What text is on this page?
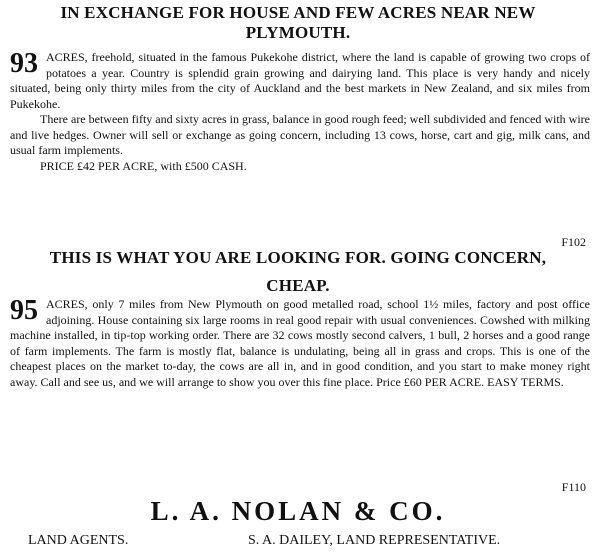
IN EXCHANGE FOR HOUSE AND FEW ACRES NEAR NEW
PLYMOUTH.

93 ACRES, freehold, situated in the famous Pukekohe district, where the land is capable of growing two crops of potatoes a year. Country is splendid grain growing and dairying land. This place is very handy and nicely situated, being only thirty miles from the city of Auckland and the best markets in New Zealand, and six miles from Pukekohe.

There are between fifty and sixty acres in grass, balance in good rough feed; well subdivided and fenced with wire and live hedges. Owner will sell or exchange as going concern, including 13 cows, horse, cart and gig, milk cans, and usual farm implements.

PRICE £42 PER ACRE, with £500 CASH.

F102
THIS IS WHAT YOU ARE LOOKING FOR. GOING CONCERN,
CHEAP.

95 ACRES, only 7 miles from New Plymouth on good metalled road, school 1½ miles, factory and post office adjoining. House containing six large rooms in real good repair with usual conveniences. Cowshed with milking machine installed, in tip-top working order. There are 32 cows mostly second calvers, 1 bull, 2 horses and a good range of farm implements. The farm is mostly flat, balance is undulating, being all in grass and crops. This is one of the cheapest places on the market to-day, the cows are all in, and in good condition, and you start to make money right away. Call and see us, and we will arrange to show you over this fine place. Price £60 PER ACRE. EASY TERMS.

F110
L. A. NOLAN & CO.
LAND AGENTS.	S. A. DAILEY, LAND REPRESENTATIVE.
